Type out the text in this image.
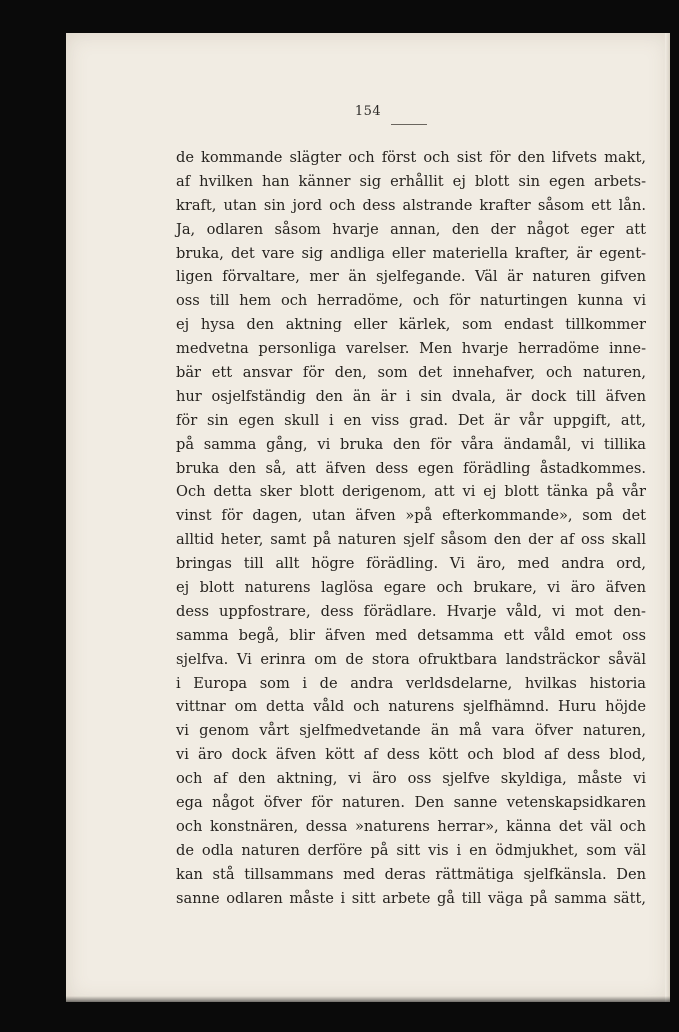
154
de kommande slägter och först och sist för den lifvets makt,
af hvilken han känner sig erhållit ej blott sin egen arbets-
kraft, utan sin jord och dess alstrande krafter såsom ett lån.
Ja, odlaren såsom hvarje annan, den der något eger att
bruka, det vare sig andliga eller materiella krafter, är egent-
ligen förvaltare, mer än sjelfegande. Väl är naturen gifven
oss till hem och herradöme, och för naturtingen kunna vi
ej hysa den aktning eller kärlek, som endast tillkommer
medvetna personliga varelser. Men hvarje herradöme inne-
bär ett ansvar för den, som det innehafver, och naturen,
hur osjelfständig den än är i sin dvala, är dock till äfven
för sin egen skull i en viss grad. Det är vår uppgift, att,
på samma gång, vi bruka den för våra ändamål, vi tillika
bruka den så, att äfven dess egen förädling åstadkommes.
Och detta sker blott derigenom, att vi ej blott tänka på vår
vinst för dagen, utan äfven »på efterkommande», som det
alltid heter, samt på naturen sjelf såsom den der af oss skall
bringas till allt högre förädling. Vi äro, med andra ord,
ej blott naturens laglösa egare och brukare, vi äro äfven
dess uppfostrare, dess förädlare. Hvarje våld, vi mot den-
samma begå, blir äfven med detsamma ett våld emot oss
sjelfva. Vi erinra om de stora ofruktbara landsträckor såväl
i Europa som i de andra verldsdelarne, hvilkas historia
vittnar om detta våld och naturens sjelfhämnd. Huru höjde
vi genom vårt sjelfmedvetande än må vara öfver naturen,
vi äro dock äfven kött af dess kött och blod af dess blod,
och af den aktning, vi äro oss sjelfve skyldiga, måste vi
ega något öfver för naturen. Den sanne vetenskapsidkaren
och konstnären, dessa »naturens herrar», känna det väl och
de odla naturen derföre på sitt vis i en ödmjukhet, som väl
kan stå tillsammans med deras rättmätiga sjelfkänsla. Den
sanne odlaren måste i sitt arbete gå till väga på samma sätt,
